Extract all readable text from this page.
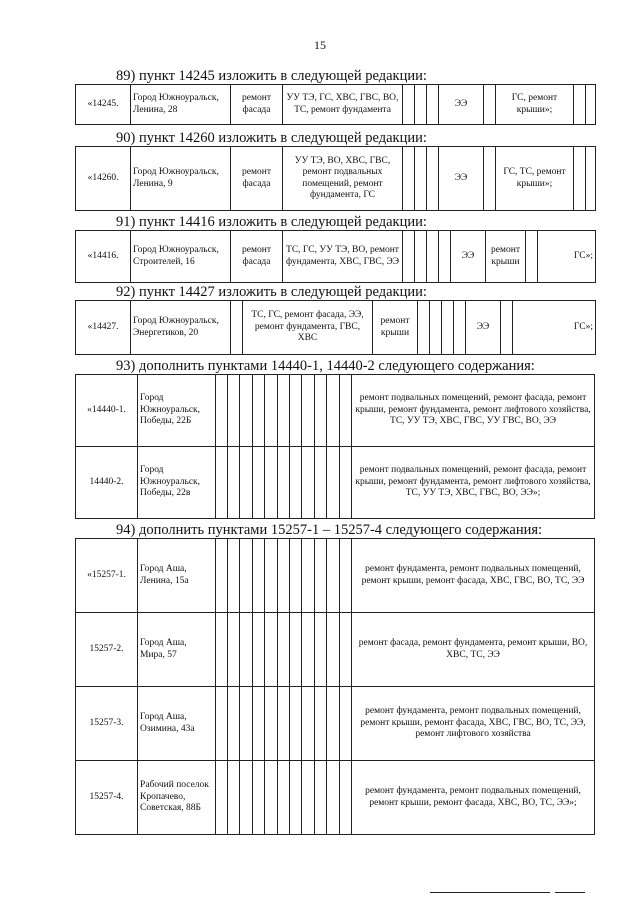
15
89) пункт 14245 изложить в следующей редакции:
«14245.	Город Южноуральск, Ленина, 28	ремонт фасада	УУ ТЭ, ГС, ХВС, ГВС, ВО, ТС, ремонт фундамента				ЭЭ		ГС, ремонт крыши»;		
90) пункт 14260 изложить в следующей редакции:
«14260.	Город Южноуральск, Ленина, 9	ремонт фасада	УУ ТЭ, ВО, ХВС, ГВС, ремонт подвальных помещений, ремонт фундамента, ГС				ЭЭ		ГС, ТС, ремонт крыши»;		
91) пункт 14416 изложить в следующей редакции:
«14416.	Город Южноуральск, Строителей, 16	ремонт фасада	ТС, ГС, УУ ТЭ, ВО, ремонт фундамента, ХВС, ГВС, ЭЭ					ЭЭ	ремонт крыши		ГС»;
92) пункт 14427 изложить в следующей редакции:
«14427.	Город Южноуральск, Энергетиков, 20		ТС, ГС, ремонт фасада, ЭЭ, ремонт фундамента, ГВС, ХВС	ремонт крыши					ЭЭ		ГС»;
93) дополнить пунктами 14440-1, 14440-2 следующего содержания:
«14440-1.	Город Южноуральск, Победы, 22Б												ремонт подвальных помещений, ремонт фасада, ремонт крыши, ремонт фундамента, ремонт лифтового хозяйства, ТС, УУ ТЭ, ХВС, ГВС, УУ ГВС, ВО, ЭЭ
14440-2.	Город Южноуральск, Победы, 22в												ремонт подвальных помещений, ремонт фасада, ремонт крыши, ремонт фундамента, ремонт лифтового хозяйства, ТС, УУ ТЭ, ХВС, ГВС, ВО, ЭЭ»;
94) дополнить пунктами 15257-1 – 15257-4 следующего содержания:
«15257-1.	Город Аша, Ленина, 15а												ремонт фундамента, ремонт подвальных помещений, ремонт крыши, ремонт фасада, ХВС, ГВС, ВО, ТС, ЭЭ
15257-2.	Город Аша, Мира, 57												ремонт фасада, ремонт фундамента, ремонт крыши, ВО, ХВС, ТС, ЭЭ
15257-3.	Город Аша, Озимина, 43а												ремонт фундамента, ремонт подвальных помещений, ремонт крыши, ремонт фасада, ХВС, ГВС, ВО, ТС, ЭЭ, ремонт лифтового хозяйства
15257-4.	Рабочий поселок Кропачево, Советская, 88Б												ремонт фундамента, ремонт подвальных помещений, ремонт крыши, ремонт фасада, ХВС, ВО, ТС, ЭЭ»;
